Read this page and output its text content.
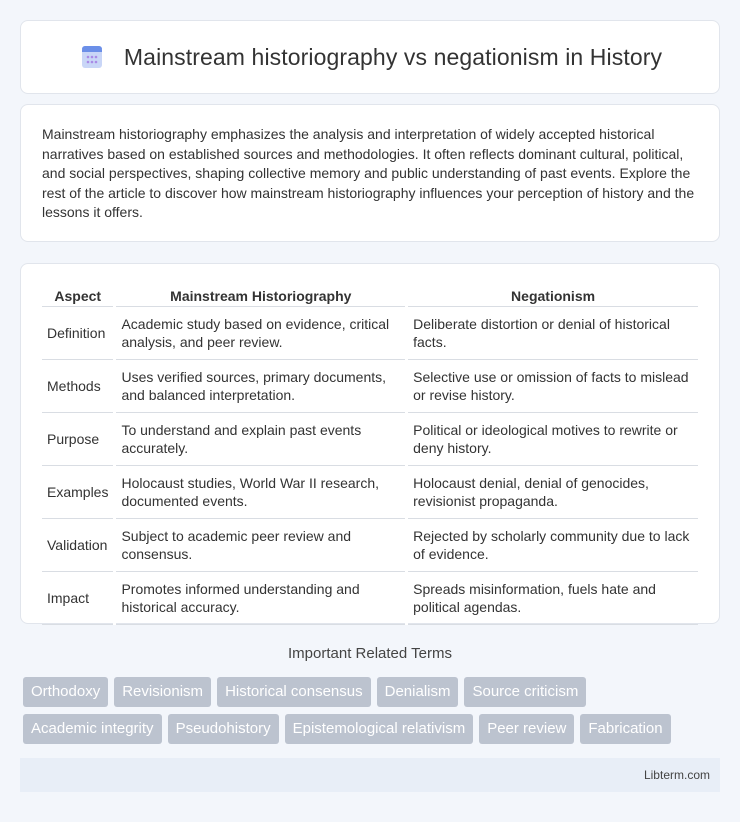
Mainstream historiography vs negationism in History

Mainstream historiography emphasizes the analysis and interpretation of widely accepted historical narratives based on established sources and methodologies. It often reflects dominant cultural, political, and social perspectives, shaping collective memory and public understanding of past events. Explore the rest of the article to discover how mainstream historiography influences your perception of history and the lessons it offers.

Aspect	Mainstream Historiography	Negationism
Definition	Academic study based on evidence, critical analysis, and peer review.	Deliberate distortion or denial of historical facts.
Methods	Uses verified sources, primary documents, and balanced interpretation.	Selective use or omission of facts to mislead or revise history.
Purpose	To understand and explain past events accurately.	Political or ideological motives to rewrite or deny history.
Examples	Holocaust studies, World War II research, documented events.	Holocaust denial, denial of genocides, revisionist propaganda.
Validation	Subject to academic peer review and consensus.	Rejected by scholarly community due to lack of evidence.
Impact	Promotes informed understanding and historical accuracy.	Spreads misinformation, fuels hate and political agendas.
Important Related Terms
Orthodoxy	Revisionism	Historical consensus	Denialism	Source criticism
Academic integrity	Pseudohistory	Epistemological relativism	Peer review	Fabrication
Libterm.com
